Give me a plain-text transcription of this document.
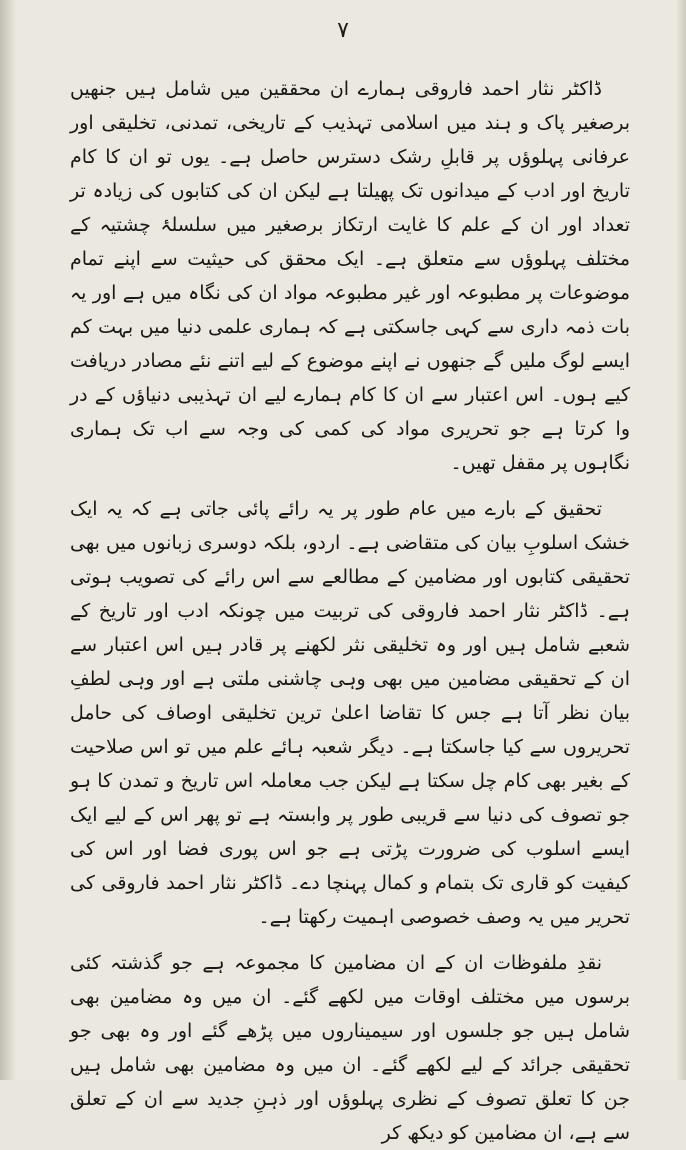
۷

ڈاکٹر نثار احمد فاروقی ہمارے ان محققین میں شامل ہیں جنھیں برصغیر پاک و ہند میں اسلامی تہذیب کے تاریخی، تمدنی، تخلیقی اور عرفانی پہلوؤں پر قابلِ رشک دسترس حاصل ہے۔ یوں تو ان کا کام تاریخ اور ادب کے میدانوں تک پھیلتا ہے لیکن ان کی کتابوں کی زیادہ تر تعداد اور ان کے علم کا غایت ارتکاز برصغیر میں سلسلۂ چشتیہ کے مختلف پہلوؤں سے متعلق ہے۔ ایک محقق کی حیثیت سے اپنے تمام موضوعات پر مطبوعہ اور غیر مطبوعہ مواد ان کی نگاہ میں ہے اور یہ بات ذمہ داری سے کہی جاسکتی ہے کہ ہماری علمی دنیا میں بہت کم ایسے لوگ ملیں گے جنھوں نے اپنے موضوع کے لیے اتنے نئے مصادر دریافت کیے ہوں۔ اس اعتبار سے ان کا کام ہمارے لیے ان تہذیبی دنیاؤں کے در وا کرتا ہے جو تحریری مواد کی کمی کی وجہ سے اب تک ہماری نگاہوں پر مقفل تھیں۔

تحقیق کے بارے میں عام طور پر یہ رائے پائی جاتی ہے کہ یہ ایک خشک اسلوبِ بیان کی متقاضی ہے۔ اردو، بلکہ دوسری زبانوں میں بھی تحقیقی کتابوں اور مضامین کے مطالعے سے اس رائے کی تصویب ہوتی ہے۔ ڈاکٹر نثار احمد فاروقی کی تربیت میں چونکہ ادب اور تاریخ کے شعبے شامل ہیں اور وہ تخلیقی نثر لکھنے پر قادر ہیں اس اعتبار سے ان کے تحقیقی مضامین میں بھی وہی چاشنی ملتی ہے اور وہی لطفِ بیان نظر آتا ہے جس کا تقاضا اعلیٰ ترین تخلیقی اوصاف کی حامل تحریروں سے کیا جاسکتا ہے۔ دیگر شعبہ ہائے علم میں تو اس صلاحیت کے بغیر بھی کام چل سکتا ہے لیکن جب معاملہ اس تاریخ و تمدن کا ہو جو تصوف کی دنیا سے قریبی طور پر وابستہ ہے تو پھر اس کے لیے ایک ایسے اسلوب کی ضرورت پڑتی ہے جو اس پوری فضا اور اس کی کیفیت کو قاری تک بتمام و کمال پہنچا دے۔ ڈاکٹر نثار احمد فاروقی کی تحریر میں یہ وصف خصوصی اہمیت رکھتا ہے۔

نقدِ ملفوظات ان کے ان مضامین کا مجموعہ ہے جو گذشتہ کئی برسوں میں مختلف اوقات میں لکھے گئے۔ ان میں وہ مضامین بھی شامل ہیں جو جلسوں اور سیمیناروں میں پڑھے گئے اور وہ بھی جو تحقیقی جرائد کے لیے لکھے گئے۔ ان میں وہ مضامین بھی شامل ہیں جن کا تعلق تصوف کے نظری پہلوؤں اور ذہنِ جدید سے ان کے تعلق سے ہے، ان مضامین کو دیکھ کر
